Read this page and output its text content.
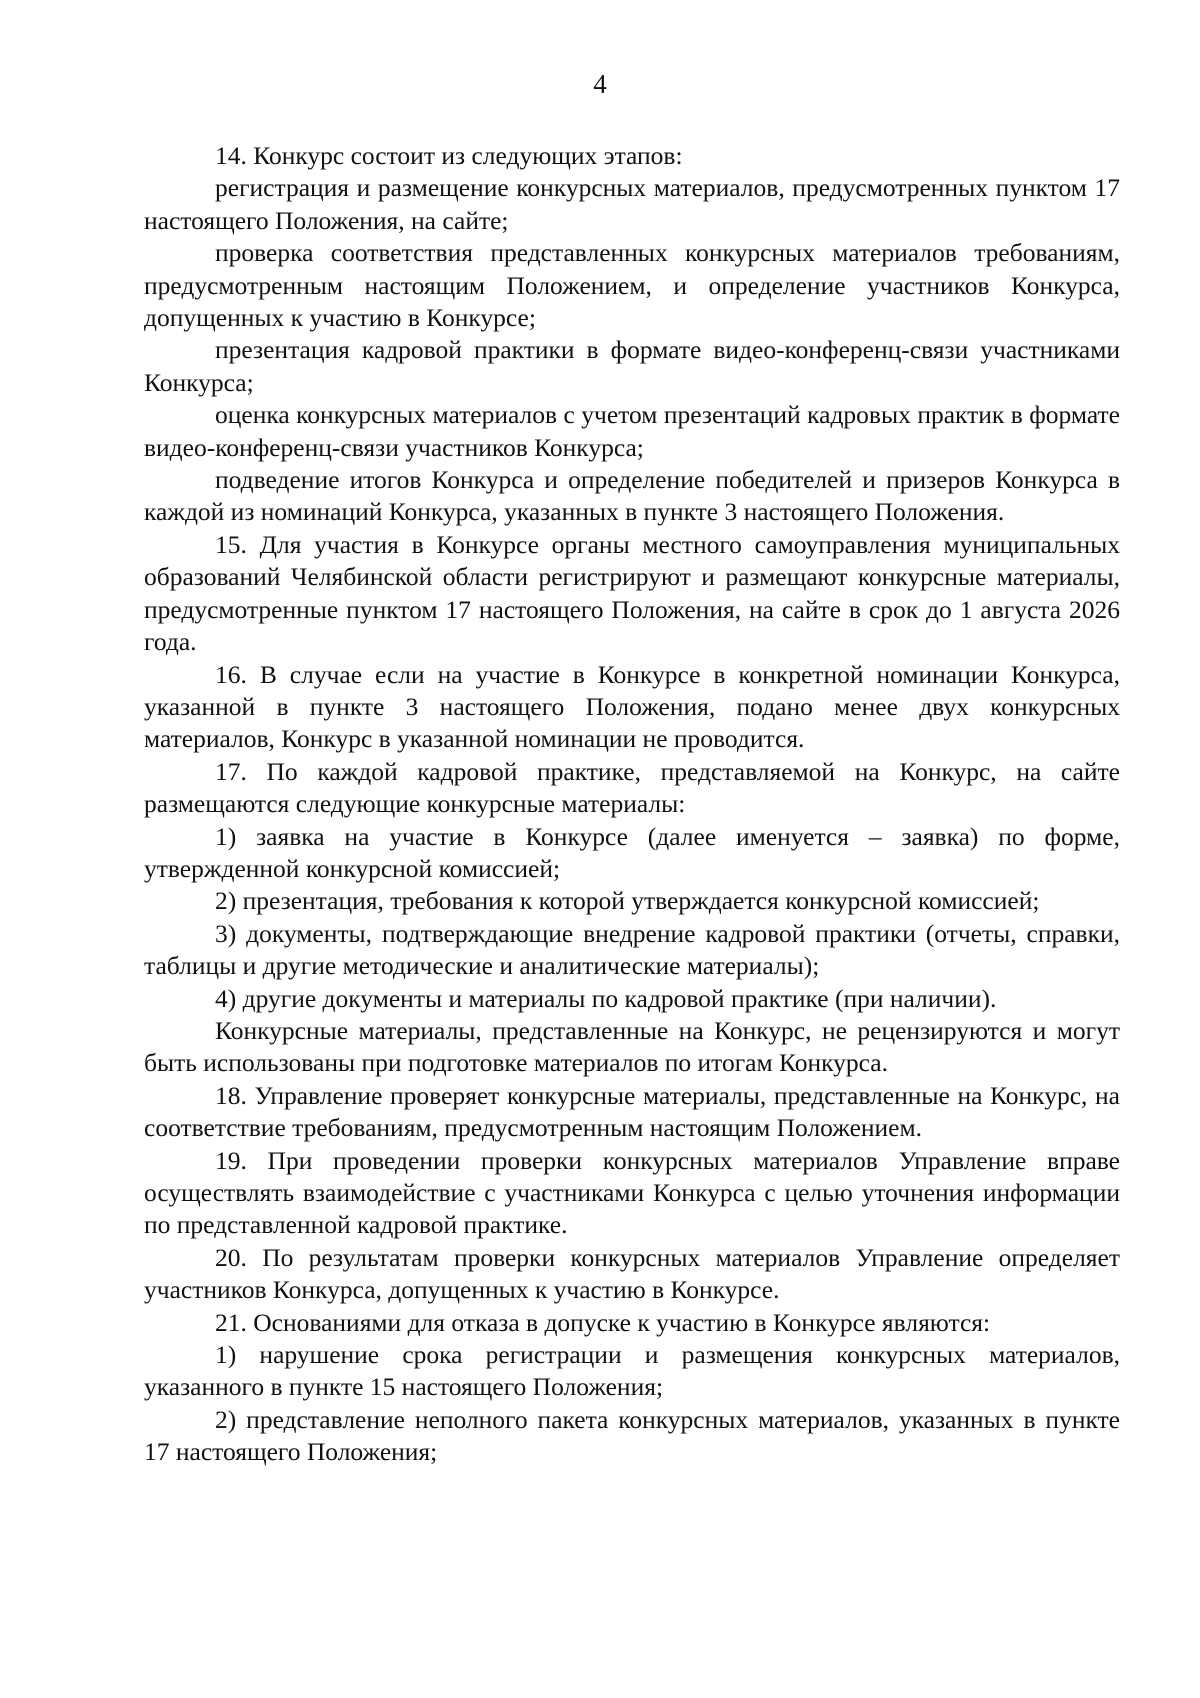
4

14. Конкурс состоит из следующих этапов:

регистрация и размещение конкурсных материалов, предусмотренных пунктом 17 настоящего Положения, на сайте;

проверка соответствия представленных конкурсных материалов требованиям, предусмотренным настоящим Положением, и определение участников Конкурса, допущенных к участию в Конкурсе;

презентация кадровой практики в формате видео-конференц-связи участниками Конкурса;

оценка конкурсных материалов с учетом презентаций кадровых практик в формате видео-конференц-связи участников Конкурса;

подведение итогов Конкурса и определение победителей и призеров Конкурса в каждой из номинаций Конкурса, указанных в пункте 3 настоящего Положения.

15. Для участия в Конкурсе органы местного самоуправления муниципальных образований Челябинской области регистрируют и размещают конкурсные материалы, предусмотренные пунктом 17 настоящего Положения, на сайте в срок до 1 августа 2026 года.

16. В случае если на участие в Конкурсе в конкретной номинации Конкурса, указанной в пункте 3 настоящего Положения, подано менее двух конкурсных материалов, Конкурс в указанной номинации не проводится.

17. По каждой кадровой практике, представляемой на Конкурс, на сайте размещаются следующие конкурсные материалы:

1) заявка на участие в Конкурсе (далее именуется – заявка) по форме, утвержденной конкурсной комиссией;

2) презентация, требования к которой утверждается конкурсной комиссией;

3) документы, подтверждающие внедрение кадровой практики (отчеты, справки, таблицы и другие методические и аналитические материалы);

4) другие документы и материалы по кадровой практике (при наличии).

Конкурсные материалы, представленные на Конкурс, не рецензируются и могут быть использованы при подготовке материалов по итогам Конкурса.

18. Управление проверяет конкурсные материалы, представленные на Конкурс, на соответствие требованиям, предусмотренным настоящим Положением.

19. При проведении проверки конкурсных материалов Управление вправе осуществлять взаимодействие с участниками Конкурса с целью уточнения информации по представленной кадровой практике.

20. По результатам проверки конкурсных материалов Управление определяет участников Конкурса, допущенных к участию в Конкурсе.

21. Основаниями для отказа в допуске к участию в Конкурсе являются:

1) нарушение срока регистрации и размещения конкурсных материалов, указанного в пункте 15 настоящего Положения;

2) представление неполного пакета конкурсных материалов, указанных в пункте 17 настоящего Положения;
